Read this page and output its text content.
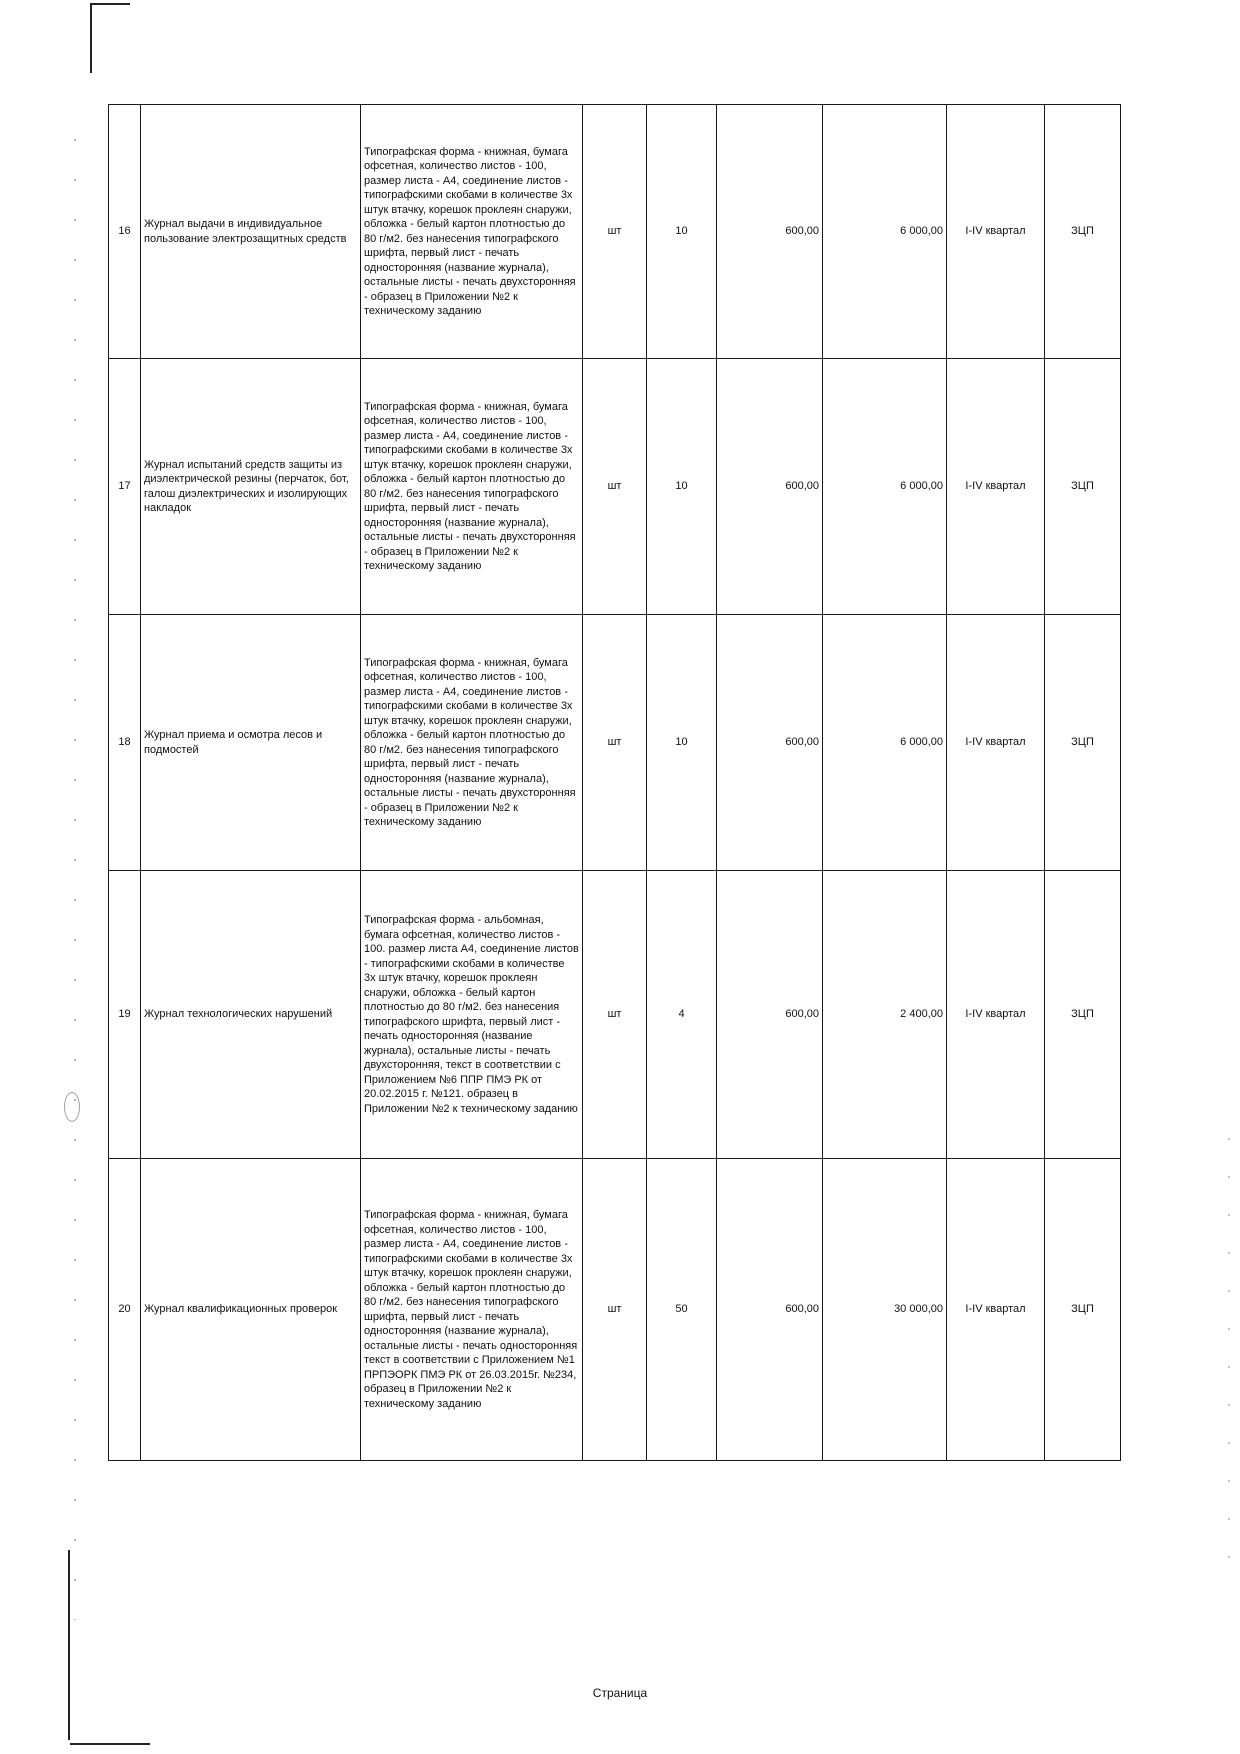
16	Журнал выдачи в индивидуальное пользование электрозащитных средств	Типографская форма - книжная, бумага офсетная, количество листов - 100, размер листа - А4, соединение листов - типографскими скобами в количестве 3х штук втачку, корешок проклеян снаружи, обложка - белый картон плотностью до 80 г/м2. без нанесения типографского шрифта, первый лист - печать односторонняя (название журнала), остальные листы - печать двухсторонняя - образец в Приложении №2 к техническому заданию	шт	10	600,00	6 000,00	I-IV квартал	ЗЦП
17	Журнал испытаний средств защиты из диэлектрической резины (перчаток, бот, галош диэлектрических и изолирующих накладок	Типографская форма - книжная, бумага офсетная, количество листов - 100, размер листа - А4, соединение листов - типографскими скобами в количестве 3х штук втачку, корешок проклеян снаружи, обложка - белый картон плотностью до 80 г/м2. без нанесения типографского шрифта, первый лист - печать односторонняя (название журнала), остальные листы - печать двухсторонняя - образец в Приложении №2 к техническому заданию	шт	10	600,00	6 000,00	I-IV квартал	ЗЦП
18	Журнал приема и осмотра лесов и подмостей	Типографская форма - книжная, бумага офсетная, количество листов - 100, размер листа - А4, соединение листов - типографскими скобами в количестве 3х штук втачку, корешок проклеян снаружи, обложка - белый картон плотностью до 80 г/м2. без нанесения типографского шрифта, первый лист - печать односторонняя (название журнала), остальные листы - печать двухсторонняя - образец в Приложении №2 к техническому заданию	шт	10	600,00	6 000,00	I-IV квартал	ЗЦП
19	Журнал технологических нарушений	Типографская форма - альбомная, бумага офсетная, количество листов - 100. размер листа А4, соединение листов - типографскими скобами в количестве 3х штук втачку, корешок проклеян снаружи, обложка - белый картон плотностью до 80 г/м2. без нанесения типографского шрифта, первый лист - печать односторонняя (название журнала), остальные листы - печать двухсторонняя, текст в соответствии с Приложением №6 ППР ПМЭ РК от 20.02.2015 г. №121. образец в Приложении №2 к техническому заданию	шт	4	600,00	2 400,00	I-IV квартал	ЗЦП
20	Журнал квалификационных проверок	Типографская форма - книжная, бумага офсетная, количество листов - 100, размер листа - А4, соединение листов - типографскими скобами в количестве 3х штук втачку, корешок проклеян снаружи, обложка - белый картон плотностью до 80 г/м2. без нанесения типографского шрифта, первый лист - печать односторонняя (название журнала), остальные листы - печать односторонняя текст в соответствии с Приложением №1 ПРПЭОРК ПМЭ РК от 26.03.2015г. №234, образец в Приложении №2 к техническому заданию	шт	50	600,00	30 000,00	I-IV квартал	ЗЦП
Страница
